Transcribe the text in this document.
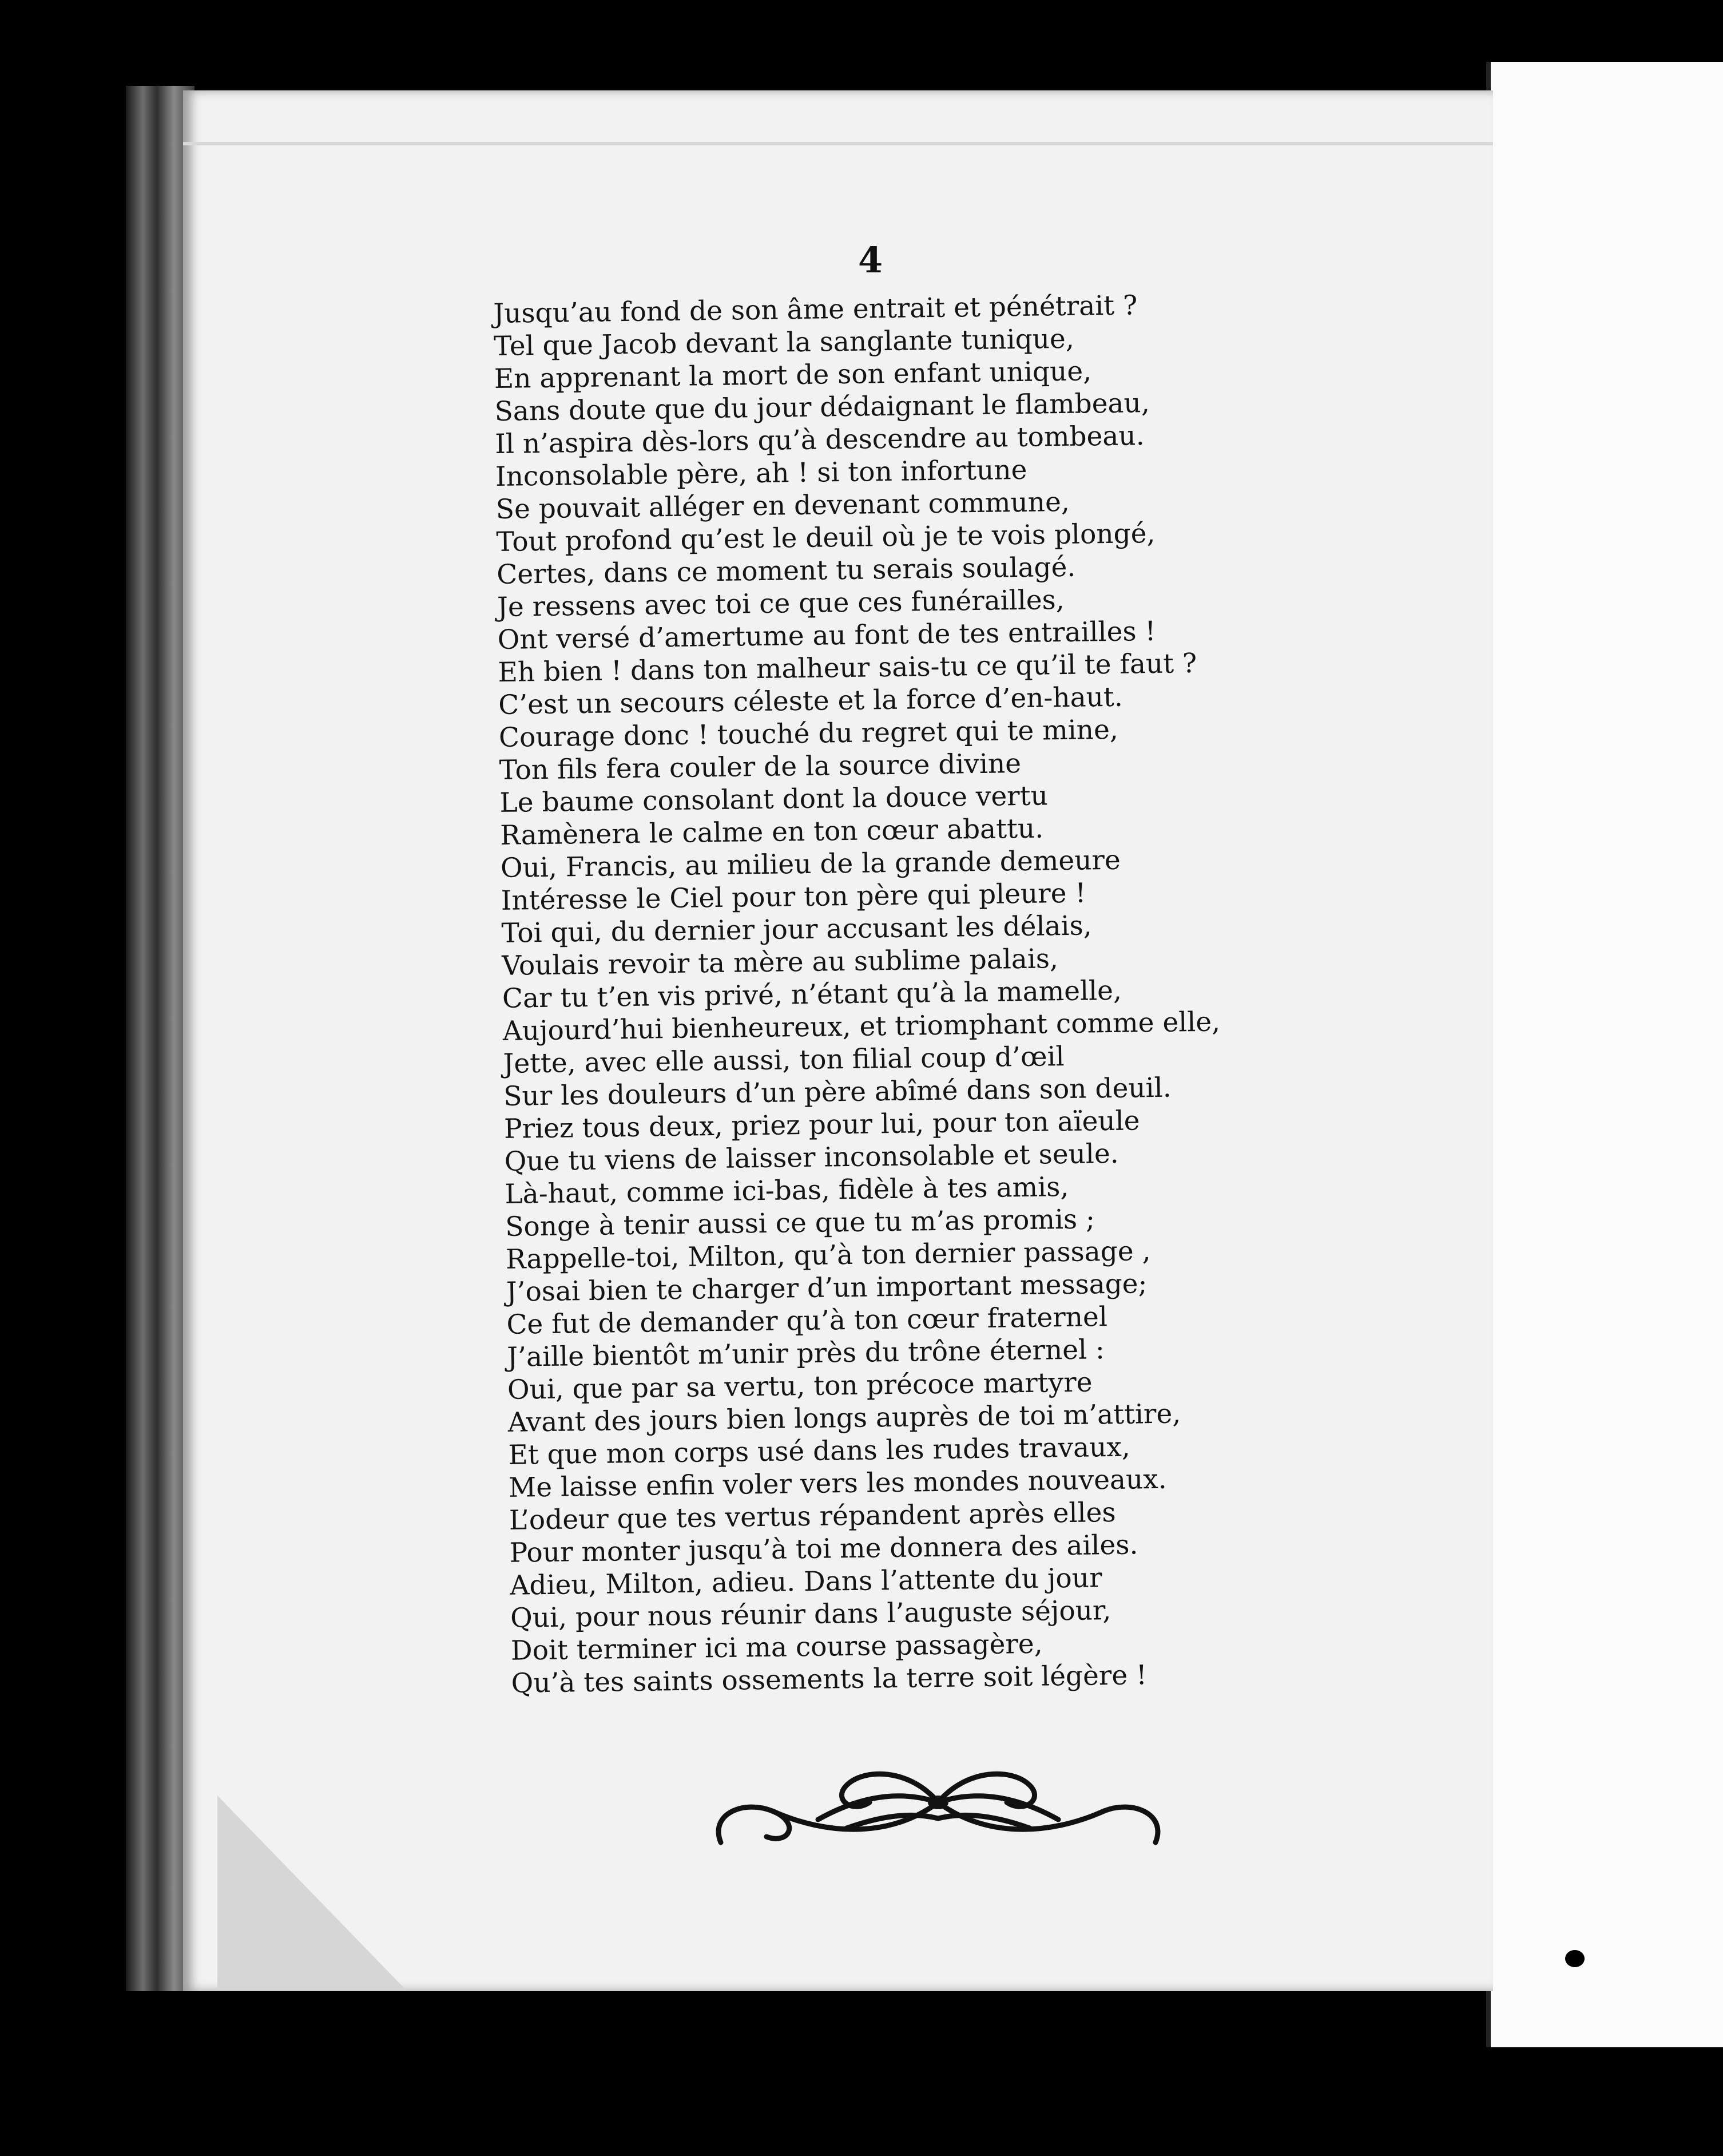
4
Jusqu’au fond de son âme entrait et pénétrait ?
Tel que Jacob devant la sanglante tunique,
En apprenant la mort de son enfant unique,
Sans doute que du jour dédaignant le flambeau,
Il n’aspira dès-lors qu’à descendre au tombeau.
Inconsolable père, ah ! si ton infortune
Se pouvait alléger en devenant commune,
Tout profond qu’est le deuil où je te vois plongé,
Certes, dans ce moment tu serais soulagé.
Je ressens avec toi ce que ces funérailles,
Ont versé d’amertume au font de tes entrailles !
Eh bien ! dans ton malheur sais-tu ce qu’il te faut ?
C’est un secours céleste et la force d’en-haut.
Courage donc ! touché du regret qui te mine,
Ton fils fera couler de la source divine
Le baume consolant dont la douce vertu
Ramènera le calme en ton cœur abattu.
Oui, Francis, au milieu de la grande demeure
Intéresse le Ciel pour ton père qui pleure !
Toi qui, du dernier jour accusant les délais,
Voulais revoir ta mère au sublime palais,
Car tu t’en vis privé, n’étant qu’à la mamelle,
Aujourd’hui bienheureux, et triomphant comme elle,
Jette, avec elle aussi, ton filial coup d’œil
Sur les douleurs d’un père abîmé dans son deuil.
Priez tous deux, priez pour lui, pour ton aïeule
Que tu viens de laisser inconsolable et seule.
Là-haut, comme ici-bas, fidèle à tes amis,
Songe à tenir aussi ce que tu m’as promis ;
Rappelle-toi, Milton, qu’à ton dernier passage ,
J’osai bien te charger d’un important message;
Ce fut de demander qu’à ton cœur fraternel
J’aille bientôt m’unir près du trône éternel :
Oui, que par sa vertu, ton précoce martyre
Avant des jours bien longs auprès de toi m’attire,
Et que mon corps usé dans les rudes travaux,
Me laisse enfin voler vers les mondes nouveaux.
L’odeur que tes vertus répandent après elles
Pour monter jusqu’à toi me donnera des ailes.
Adieu, Milton, adieu. Dans l’attente du jour
Qui, pour nous réunir dans l’auguste séjour,
Doit terminer ici ma course passagère,
Qu’à tes saints ossements la terre soit légère !
